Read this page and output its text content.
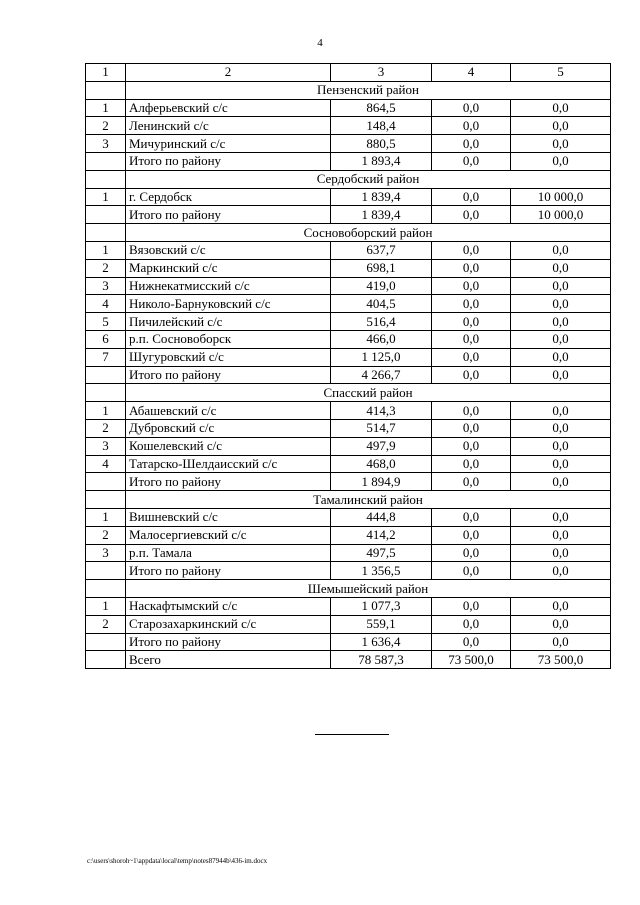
4
1	2	3	4	5
	Пензенский район			
1	Алферьевский с/с	864,5	0,0	0,0
2	Ленинский с/с	148,4	0,0	0,0
3	Мичуринский с/с	880,5	0,0	0,0
	Итого по району	1 893,4	0,0	0,0
	Сердобский район			
1	г. Сердобск	1 839,4	0,0	10 000,0
	Итого по району	1 839,4	0,0	10 000,0
	Сосновоборский район			
1	Вязовский с/с	637,7	0,0	0,0
2	Маркинский с/с	698,1	0,0	0,0
3	Нижнекатмисский с/с	419,0	0,0	0,0
4	Николо-Барнуковский с/с	404,5	0,0	0,0
5	Пичилейский с/с	516,4	0,0	0,0
6	р.п. Сосновоборск	466,0	0,0	0,0
7	Шугуровский с/с	1 125,0	0,0	0,0
	Итого по району	4 266,7	0,0	0,0
	Спасский район			
1	Абашевский с/с	414,3	0,0	0,0
2	Дубровский с/с	514,7	0,0	0,0
3	Кошелевский с/с	497,9	0,0	0,0
4	Татарско-Шелдаисский с/с	468,0	0,0	0,0
	Итого по району	1 894,9	0,0	0,0
	Тамалинский район			
1	Вишневский с/с	444,8	0,0	0,0
2	Малосергиевский с/с	414,2	0,0	0,0
3	р.п. Тамала	497,5	0,0	0,0
	Итого по району	1 356,5	0,0	0,0
	Шемышейский район			
1	Наскафтымский с/с	1 077,3	0,0	0,0
2	Старозахаркинский с/с	559,1	0,0	0,0
	Итого по району	1 636,4	0,0	0,0
	Всего	78 587,3	73 500,0	73 500,0
c:\users\shoroh~1\appdata\local\temp\notes87944b\436-im.docx
